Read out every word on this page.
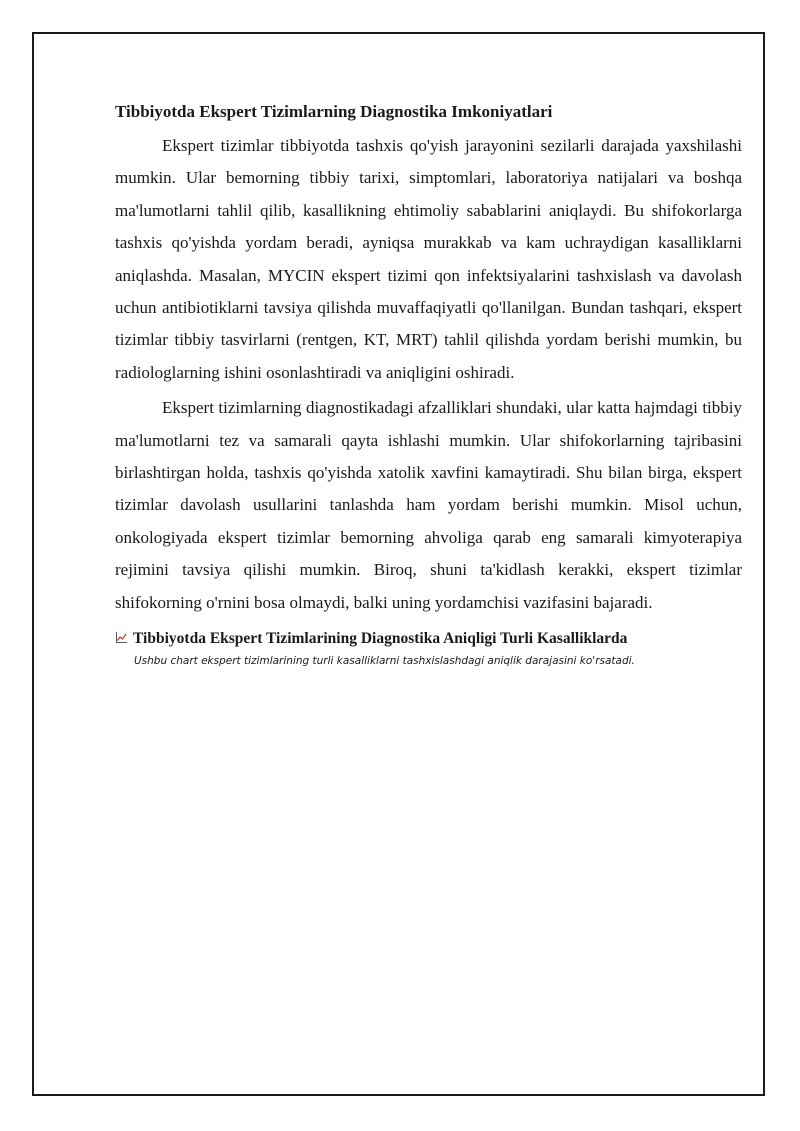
Tibbiyotda Ekspert Tizimlarning Diagnostika Imkoniyatlari

Ekspert tizimlar tibbiyotda tashxis qo'yish jarayonini sezilarli darajada yaxshilashi mumkin. Ular bemorning tibbiy tarixi, simptomlari, laboratoriya natijalari va boshqa ma'lumotlarni tahlil qilib, kasallikning ehtimoliy sabablarini aniqlaydi. Bu shifokorlarga tashxis qo'yishda yordam beradi, ayniqsa murakkab va kam uchraydigan kasalliklarni aniqlashda. Masalan, MYCIN ekspert tizimi qon infektsiyalarini tashxislash va davolash uchun antibiotiklarni tavsiya qilishda muvaffaqiyatli qo'llanilgan. Bundan tashqari, ekspert tizimlar tibbiy tasvirlarni (rentgen, KT, MRT) tahlil qilishda yordam berishi mumkin, bu radiologlarning ishini osonlashtiradi va aniqligini oshiradi.

Ekspert tizimlarning diagnostikadagi afzalliklari shundaki, ular katta hajmdagi tibbiy ma'lumotlarni tez va samarali qayta ishlashi mumkin. Ular shifokorlarning tajribasini birlashtirgan holda, tashxis qo'yishda xatolik xavfini kamaytiradi. Shu bilan birga, ekspert tizimlar davolash usullarini tanlashda ham yordam berishi mumkin. Misol uchun, onkologiyada ekspert tizimlar bemorning ahvoliga qarab eng samarali kimyoterapiya rejimini tavsiya qilishi mumkin. Biroq, shuni ta'kidlash kerakki, ekspert tizimlar shifokorning o'rnini bosa olmaydi, balki uning yordamchisi vazifasini bajaradi.

Tibbiyotda Ekspert Tizimlarining Diagnostika Aniqligi Turli Kasalliklarda
Ushbu chart ekspert tizimlarining turli kasalliklarni tashxislashdagi aniqlik darajasini ko'rsatadi.
